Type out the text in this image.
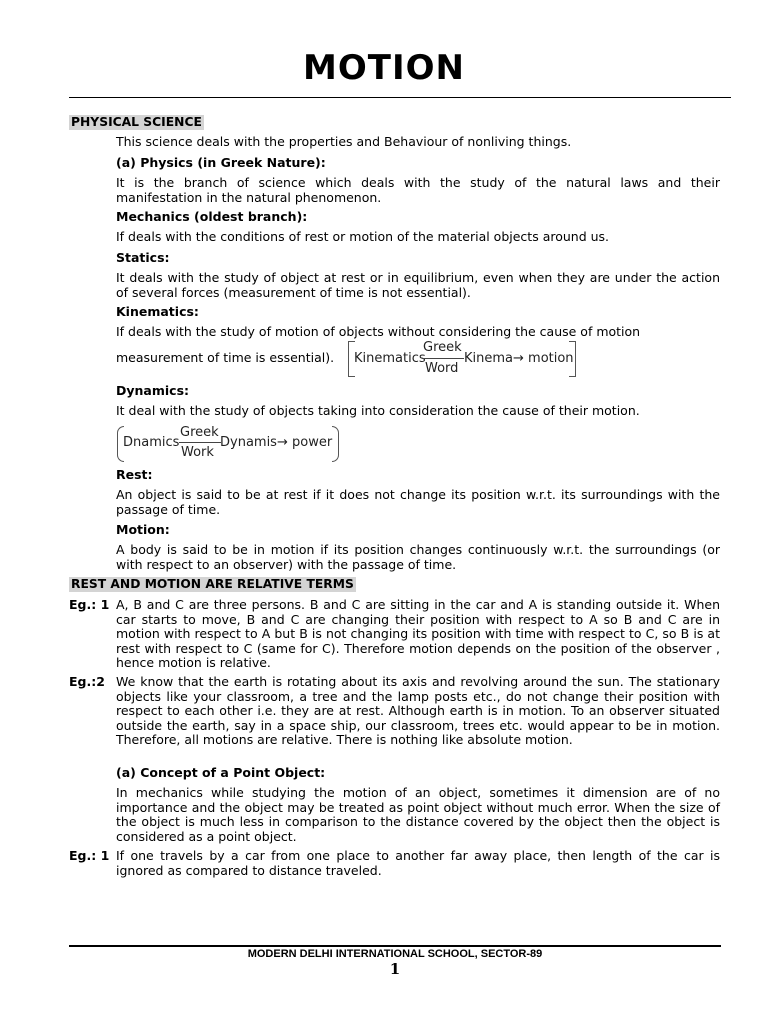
MOTION
PHYSICAL SCIENCE
This science deals with the properties and Behaviour of nonliving things.
(a) Physics (in Greek Nature):
It is the branch of science which deals with the study of the natural laws and their manifestation in the natural phenomenon.
Mechanics (oldest branch):
If deals with the conditions of rest or motion of the material objects around us.
Statics:
It deals with the study of object at rest or in equilibrium, even when they are under the action of several forces (measurement of time is not essential).
Kinematics:
If deals with the study of motion of objects without considering the cause of motion
measurement of time is essential).	Kinematics
Greek
Word
Kinema→ motion
Dynamics:
It deal with the study of objects taking into consideration the cause of their motion.
Dnamics
Greek
Work
Dynamis→ power
Rest:
An object is said to be at rest if it does not change its position w.r.t. its surroundings with the passage of time.
Motion:
A body is said to be in motion if its position changes continuously w.r.t. the surroundings (or with respect to an observer) with the passage of time.
REST AND MOTION ARE RELATIVE TERMS
Eg.: 1 A, B and C are three persons. B and C are sitting in the car and A is standing outside it. When car starts to move, B and C are changing their position with respect to A so B and C are in motion with respect to A but B is not changing its position with time with respect to C, so B is at rest with respect to C (same for C). Therefore motion depends on the position of the observer , hence motion is relative.
Eg.:2 We know that the earth is rotating about its axis and revolving around the sun. The stationary objects like your classroom, a tree and the lamp posts etc., do not change their position with respect to each other i.e. they are at rest. Although earth is in motion. To an observer situated outside the earth, say in a space ship, our classroom, trees etc. would appear to be in motion. Therefore, all motions are relative. There is nothing like absolute motion.
(a) Concept of a Point Object:
In mechanics while studying the motion of an object, sometimes it dimension are of no importance and the object may be treated as point object without much error. When the size of the object is much less in comparison to the distance covered by the object then the object is considered as a point object.
Eg.: 1 If one travels by a car from one place to another far away place, then length of the car is ignored as compared to distance traveled.
MODERN DELHI INTERNATIONAL SCHOOL, SECTOR-89
1
